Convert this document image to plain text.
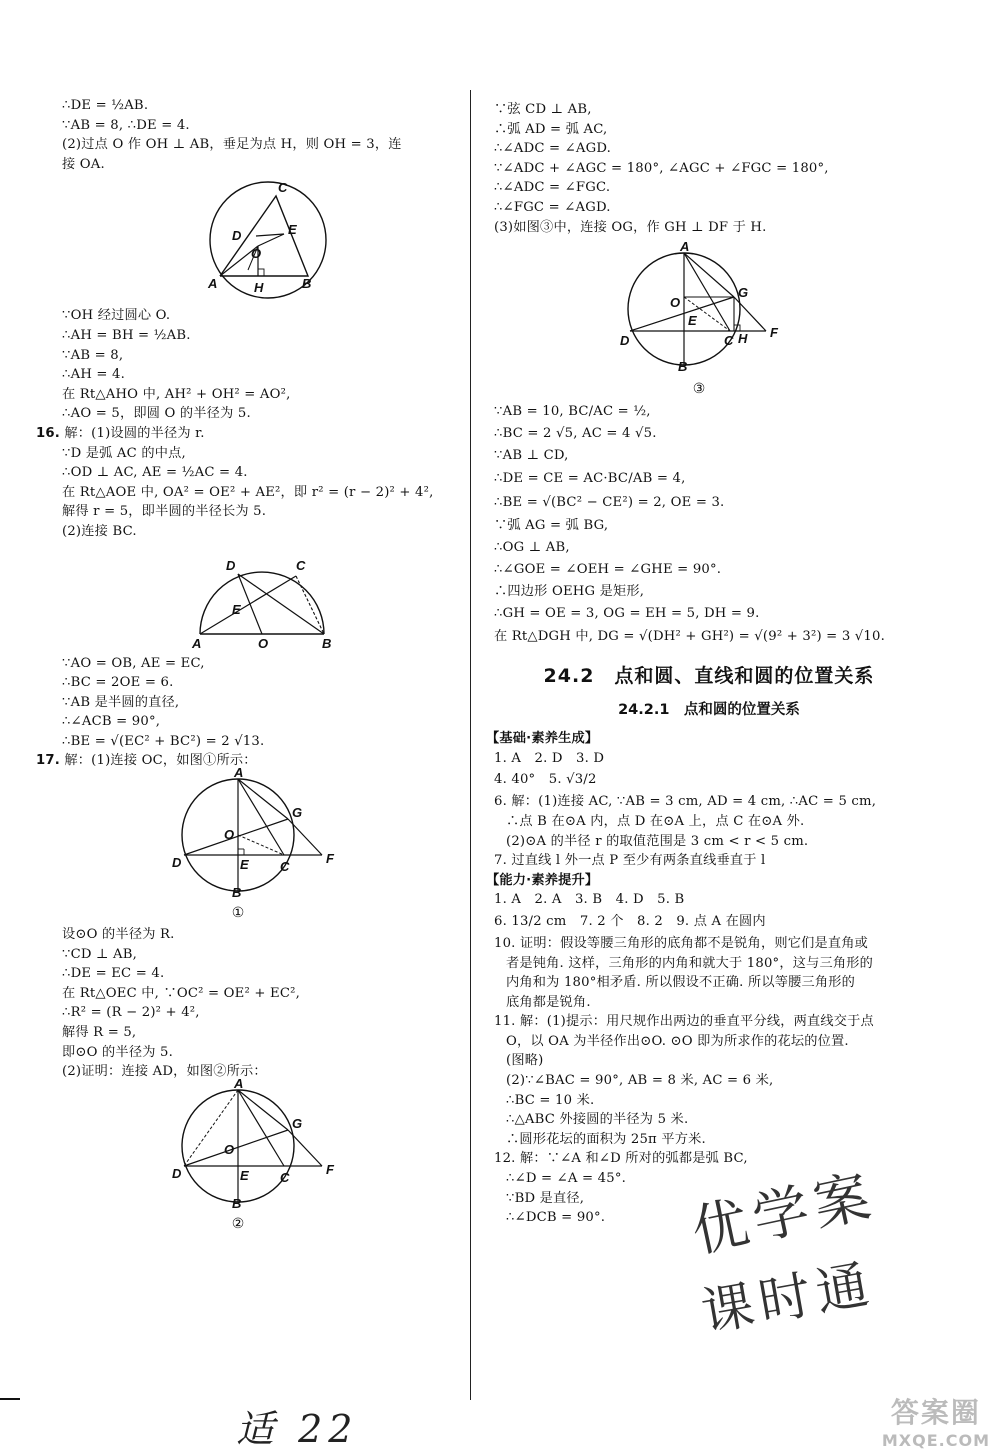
∴DE = ½AB.

∵AB = 8, ∴DE = 4.

(2)过点 O 作 OH ⊥ AB，垂足为点 H，则 OH = 3，连

接 OA.

C
D	E
O
A	H	B

∵OH 经过圆心 O.

∴AH = BH = ½AB.

∵AB = 8,

∴AH = 4.

在 Rt△AHO 中, AH² + OH² = AO²,

∴AO = 5，即圆 O 的半径为 5.

16. 解：(1)设圆的半径为 r.

∵D 是弧 AC 的中点,

∴OD ⊥ AC, AE = ½AC = 4.

在 Rt△AOE 中, OA² = OE² + AE²，即 r² = (r − 2)² + 4²,

解得 r = 5，即半圆的半径长为 5.

(2)连接 BC.

D	C
E
A	O	B

∵AO = OB, AE = EC,

∴BC = 2OE = 6.

∵AB 是半圆的直径,

∴∠ACB = 90°,

∴BE = √(EC² + BC²) = 2 √13.

17. 解：(1)连接 OC，如图①所示：

A
G
O
D	E C
F
B

①

设⊙O 的半径为 R.

∵CD ⊥ AB,

∴DE = EC = 4.

在 Rt△OEC 中, ∵OC² = OE² + EC²,

∴R² = (R − 2)² + 4²,

解得 R = 5,

即⊙O 的半径为 5.

(2)证明：连接 AD，如图②所示：

A
G
O
D	E C
F
B

②

∵弦 CD ⊥ AB,

∴弧 AD = 弧 AC,

∴∠ADC = ∠AGD.

∵∠ADC + ∠AGC = 180°, ∠AGC + ∠FGC = 180°,

∴∠ADC = ∠FGC.

∴∠FGC = ∠AGD.

(3)如图③中，连接 OG，作 GH ⊥ DF 于 H.

A
O
G
E
D	C H F
B

③

∵AB = 10, BC/AC = ½,

∴BC = 2 √5, AC = 4 √5.

∵AB ⊥ CD,

∴DE = CE = AC·BC/AB = 4,

∴BE = √(BC² − CE²) = 2, OE = 3.

∵弧 AG = 弧 BG,

∴OG ⊥ AB,

∴∠GOE = ∠OEH = ∠GHE = 90°.

∴四边形 OEHG 是矩形,

∴GH = OE = 3, OG = EH = 5, DH = 9.

在 Rt△DGH 中, DG = √(DH² + GH²) = √(9² + 3²) = 3 √10.

24.2　点和圆、直线和圆的位置关系
24.2.1　点和圆的位置关系

【基础·素养生成】

1. A　2. D　3. D

4. 40°　5. √3/2

6. 解：(1)连接 AC, ∵AB = 3 cm, AD = 4 cm, ∴AC = 5 cm,

∴点 B 在⊙A 内，点 D 在⊙A 上，点 C 在⊙A 外.

(2)⊙A 的半径 r 的取值范围是 3 cm < r < 5 cm.

7. 过直线 l 外一点 P 至少有两条直线垂直于 l

【能力·素养提升】

1. A　2. A　3. B　4. D　5. B

6. 13/2 cm　7. 2 个　8. 2　9. 点 A 在圆内

10. 证明：假设等腰三角形的底角都不是锐角，则它们是直角或

者是钝角. 这样，三角形的内角和就大于 180°，这与三角形的

内角和为 180°相矛盾. 所以假设不正确. 所以等腰三角形的

底角都是锐角.

11. 解：(1)提示：用尺规作出两边的垂直平分线，两直线交于点

O，以 OA 为半径作出⊙O. ⊙O 即为所求作的花坛的位置.

(图略)

(2)∵∠BAC = 90°, AB = 8 米, AC = 6 米,

∴BC = 10 米.

∴△ABC 外接圆的半径为 5 米.

∴圆形花坛的面积为 25π 平方米.

12. 解：∵∠A 和∠D 所对的弧都是弧 BC,

∴∠D = ∠A = 45°.

∵BD 是直径,

∴∠DCB = 90°.	优学案
课时通
适 22	答案圈
MXQE.COM
